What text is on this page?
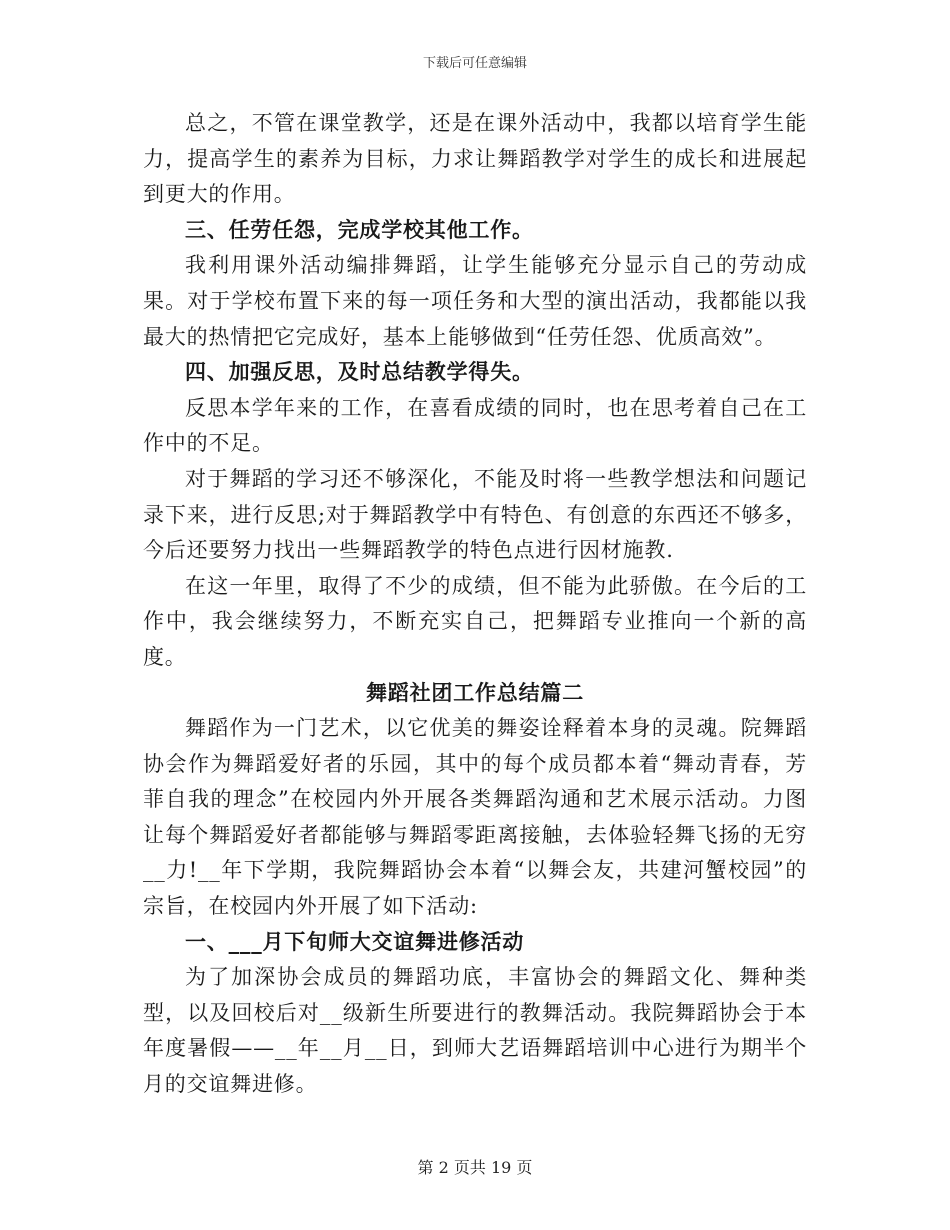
下载后可任意编辑

总之，不管在课堂教学，还是在课外活动中，我都以培育学生能力，提高学生的素养为目标，力求让舞蹈教学对学生的成长和进展起到更大的作用。

三、任劳任怨，完成学校其他工作。

我利用课外活动编排舞蹈，让学生能够充分显示自己的劳动成果。对于学校布置下来的每一项任务和大型的演出活动，我都能以我最大的热情把它完成好，基本上能够做到“任劳任怨、优质高效”。

四、加强反思，及时总结教学得失。

反思本学年来的工作，在喜看成绩的同时，也在思考着自己在工作中的不足。

对于舞蹈的学习还不够深化，不能及时将一些教学想法和问题记录下来，进行反思;对于舞蹈教学中有特色、有创意的东西还不够多，今后还要努力找出一些舞蹈教学的特色点进行因材施教.

在这一年里，取得了不少的成绩，但不能为此骄傲。在今后的工作中，我会继续努力，不断充实自己，把舞蹈专业推向一个新的高度。

舞蹈社团工作总结篇二

舞蹈作为一门艺术，以它优美的舞姿诠释着本身的灵魂。院舞蹈协会作为舞蹈爱好者的乐园，其中的每个成员都本着“舞动青春，芳菲自我的理念”在校园内外开展各类舞蹈沟通和艺术展示活动。力图让每个舞蹈爱好者都能够与舞蹈零距离接触，去体验轻舞飞扬的无穷__力!__年下学期，我院舞蹈协会本着“以舞会友，共建河蟹校园”的宗旨，在校园内外开展了如下活动:

一、___月下旬师大交谊舞进修活动

为了加深协会成员的舞蹈功底，丰富协会的舞蹈文化、舞种类型，以及回校后对__级新生所要进行的教舞活动。我院舞蹈协会于本年度暑假——__年__月__日，到师大艺语舞蹈培训中心进行为期半个月的交谊舞进修。

第 2 页共 19 页
